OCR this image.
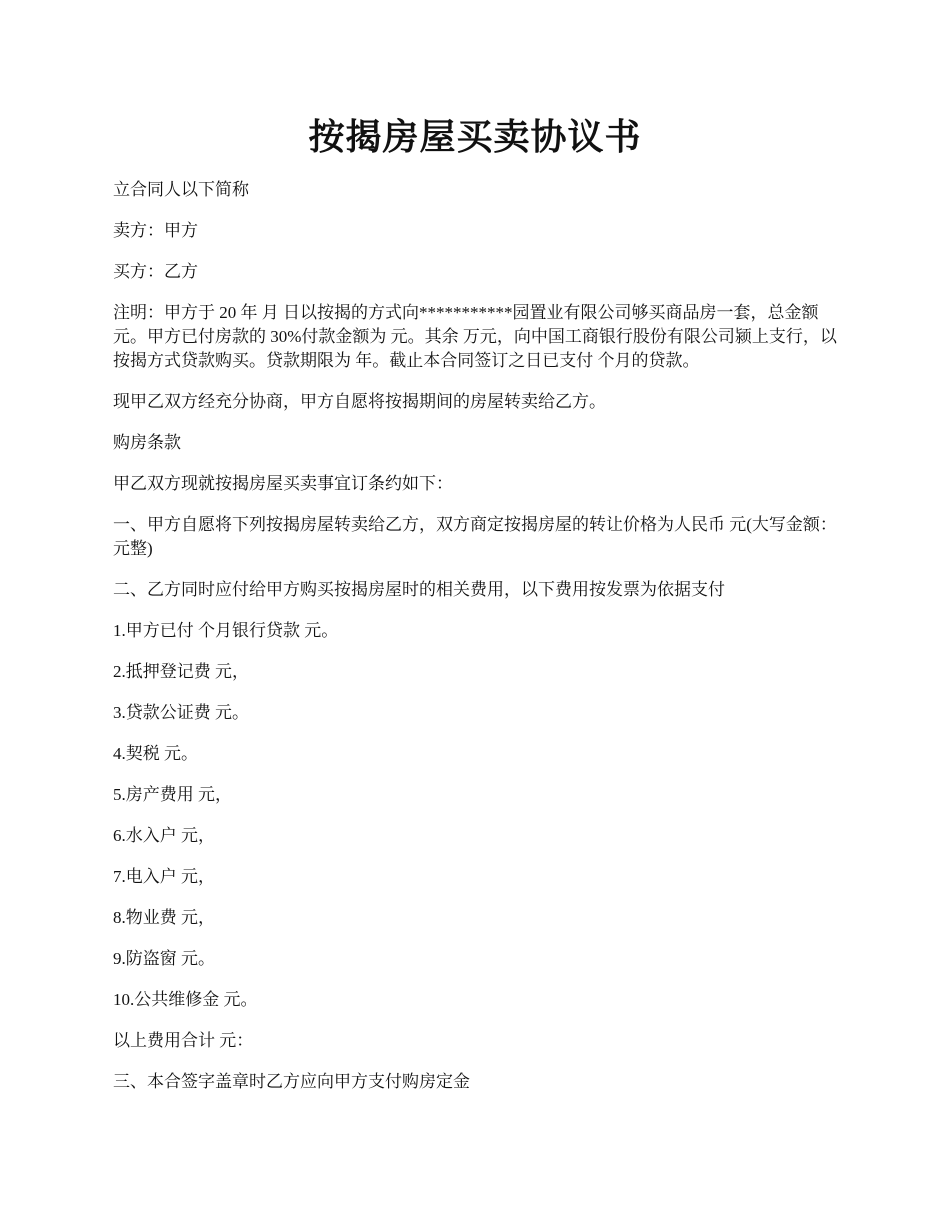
按揭房屋买卖协议书

立合同人以下简称

卖方：甲方

买方：乙方

注明：甲方于 20 年 月 日以按揭的方式向***********园置业有限公司够买商品房一套，总金额 元。甲方已付房款的 30%付款金额为 元。其余 万元，向中国工商银行股份有限公司颍上支行，以按揭方式贷款购买。贷款期限为 年。截止本合同签订之日已支付 个月的贷款。

现甲乙双方经充分协商，甲方自愿将按揭期间的房屋转卖给乙方。

购房条款

甲乙双方现就按揭房屋买卖事宜订条约如下：

一、甲方自愿将下列按揭房屋转卖给乙方，双方商定按揭房屋的转让价格为人民币 元(大写金额：  元整)

二、乙方同时应付给甲方购买按揭房屋时的相关费用，以下费用按发票为依据支付

1.甲方已付 个月银行贷款 元。

2.抵押登记费 元，

3.贷款公证费 元。

4.契税 元。

5.房产费用 元，

6.水入户 元，

7.电入户 元，

8.物业费 元，

9.防盗窗 元。

10.公共维修金 元。

以上费用合计 元：

三、本合签字盖章时乙方应向甲方支付购房定金
